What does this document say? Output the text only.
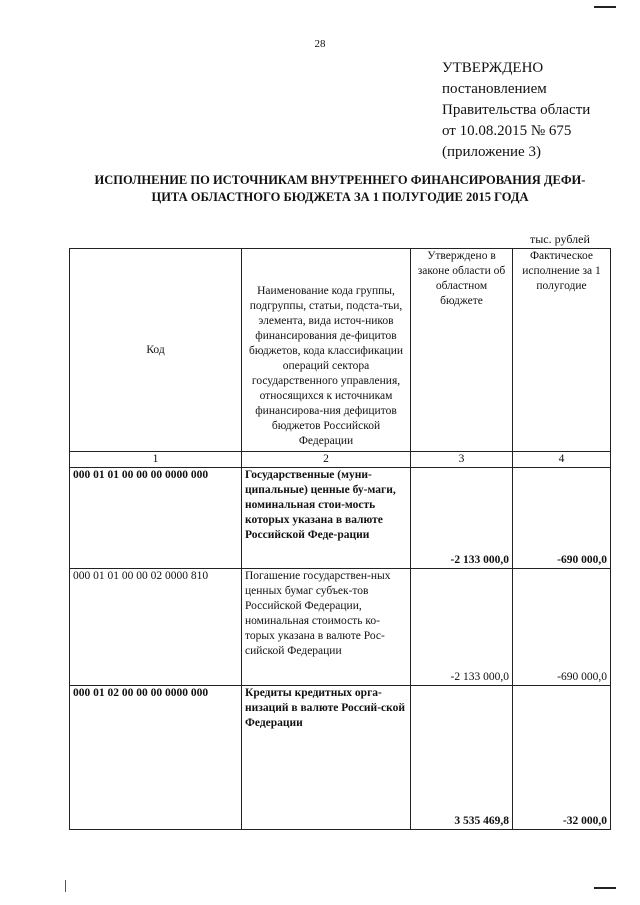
28
УТВЕРЖДЕНО
постановлением
Правительства области
от 10.08.2015 № 675
(приложение 3)
ИСПОЛНЕНИЕ ПО ИСТОЧНИКАМ ВНУТРЕННЕГО ФИНАНСИРОВАНИЯ ДЕФИ-
ЦИТА ОБЛАСТНОГО БЮДЖЕТА ЗА 1 ПОЛУГОДИЕ 2015 ГОДА
тыс. рублей
Код	Наименование кода группы, подгруппы, статьи, подста-тьи, элемента, вида источ-ников финансирования де-фицитов бюджетов, кода классификации операций сектора государственного управления, относящихся к источникам финансирова-ния дефицитов бюджетов Российской Федерации	Утверждено в законе области об областном бюджете	Фактическое исполнение за 1 полугодие
1	2	3	4
000 01 01 00 00 00 0000 000	Государственные (муни-ципальные) ценные бу-маги, номинальная стои-мость которых указана в валюте Российской Феде-рации	-2 133 000,0	-690 000,0
000 01 01 00 00 02 0000 810	Погашение государствен-ных ценных бумаг субъек-тов Российской Федерации, номинальная стоимость ко-торых указана в валюте Рос-сийской Федерации	-2 133 000,0	-690 000,0
000 01 02 00 00 00 0000 000	Кредиты кредитных орга-низаций в валюте Россий-ской Федерации	3 535 469,8	-32 000,0
